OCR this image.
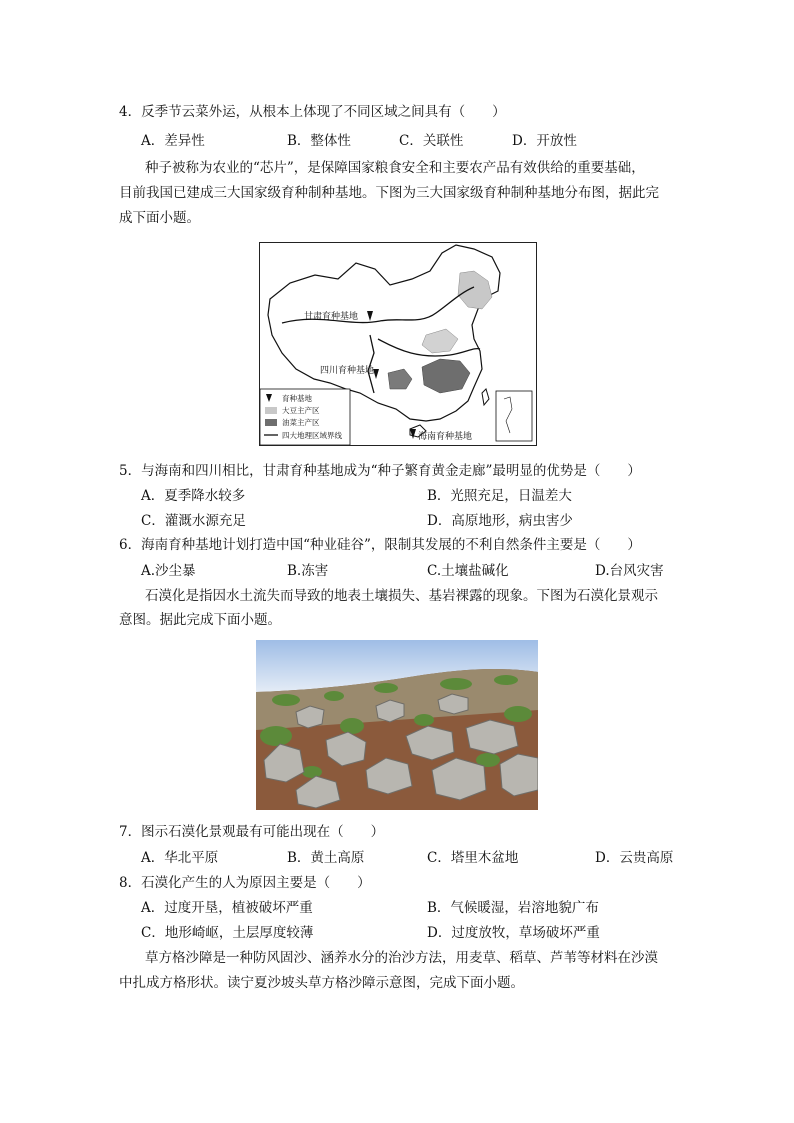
4．反季节云菜外运，从根本上体现了不同区域之间具有（　　）
A．差异性	B．整体性	C．关联性	D．开放性
种子被称为农业的“芯片”，是保障国家粮食安全和主要农产品有效供给的重要基础，
目前我国已建成三大国家级育种制种基地。下图为三大国家级育种制种基地分布图，据此完
成下面小题。
甘肃育种基地
四川育种基地
海南育种基地
育种基地
大豆主产区
油菜主产区
四大地理区域界线
5．与海南和四川相比，甘肃育种基地成为“种子繁育黄金走廊”最明显的优势是（　　）
A．夏季降水较多	B．光照充足，日温差大
C．灌溉水源充足	D．高原地形，病虫害少
6．海南育种基地计划打造中国“种业硅谷”，限制其发展的不利自然条件主要是（　　）
A.沙尘暴	B.冻害	C.土壤盐碱化	D.台风灾害
石漠化是指因水土流失而导致的地表土壤损失、基岩裸露的现象。下图为石漠化景观示
意图。据此完成下面小题。
7．图示石漠化景观最有可能出现在（　　）
A．华北平原	B．黄土高原	C．塔里木盆地	D．云贵高原
8．石漠化产生的人为原因主要是（　　）
A．过度开垦，植被破坏严重	B．气候暖湿，岩溶地貌广布
C．地形崎岖，土层厚度较薄	D．过度放牧，草场破坏严重
草方格沙障是一种防风固沙、涵养水分的治沙方法，用麦草、稻草、芦苇等材料在沙漠
中扎成方格形状。读宁夏沙坡头草方格沙障示意图，完成下面小题。
